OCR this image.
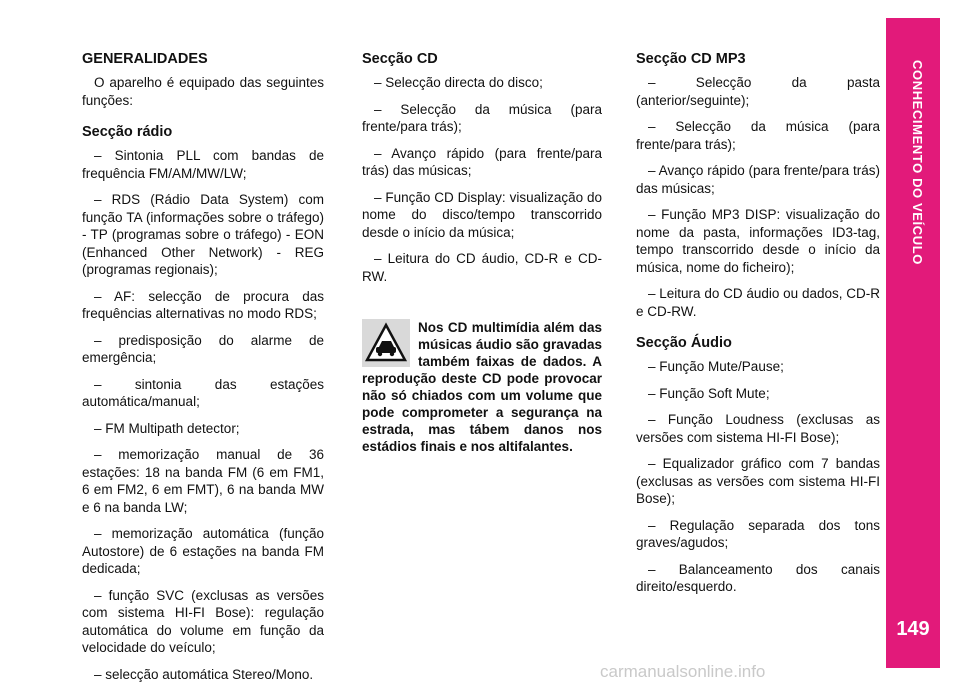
GENERALIDADES

O aparelho é equipado das seguintes funções:

Secção rádio

– Sintonia PLL com bandas de frequência FM/AM/MW/LW;

– RDS (Rádio Data System) com função TA (informações sobre o tráfego) - TP (programas sobre o tráfego) - EON (Enhanced Other Network) - REG (programas regionais);

– AF: selecção de procura das frequências alternativas no modo RDS;

– predisposição do alarme de emergência;

– sintonia das estações automática/manual;

– FM Multipath detector;

– memorização manual de 36 estações: 18 na banda FM (6 em FM1, 6 em FM2, 6 em FMT), 6 na banda MW e 6 na banda LW;

– memorização automática (função Autostore) de 6 estações na banda FM dedicada;

– função SVC (exclusas as versões com sistema HI-FI Bose): regulação automática do volume em função da velocidade do veículo;

– selecção automática Stereo/Mono.

Secção CD

– Selecção directa do disco;

– Selecção da música (para frente/para trás);

– Avanço rápido (para frente/para trás) das músicas;

– Função CD Display: visualização do nome do disco/tempo transcorrido desde o início da música;

– Leitura do CD áudio, CD-R e CD-RW.

Nos CD multimídia além das músicas áudio são gravadas também faixas de dados. A reprodução deste CD pode provocar não só chiados com um volume que pode comprometer a segurança na estrada, mas tábem danos nos estádios finais e nos altifalantes.
Secção CD MP3

– Selecção da pasta (anterior/seguinte);

– Selecção da música (para frente/para trás);

– Avanço rápido (para frente/para trás) das músicas;

– Função MP3 DISP: visualização do nome da pasta, informações ID3-tag, tempo transcorrido desde o início da música, nome do ficheiro);

– Leitura do CD áudio ou dados, CD-R e CD-RW.

Secção Áudio

– Função Mute/Pause;

– Função Soft Mute;

– Função Loudness (exclusas as versões com sistema HI-FI Bose);

– Equalizador gráfico com 7 bandas (exclusas as versões com sistema HI-FI Bose);

– Regulação separada dos tons graves/agudos;

– Balanceamento dos canais direito/esquerdo.

CONHECIMENTO DO VEÍCULO
149
carmanualsonline.info
